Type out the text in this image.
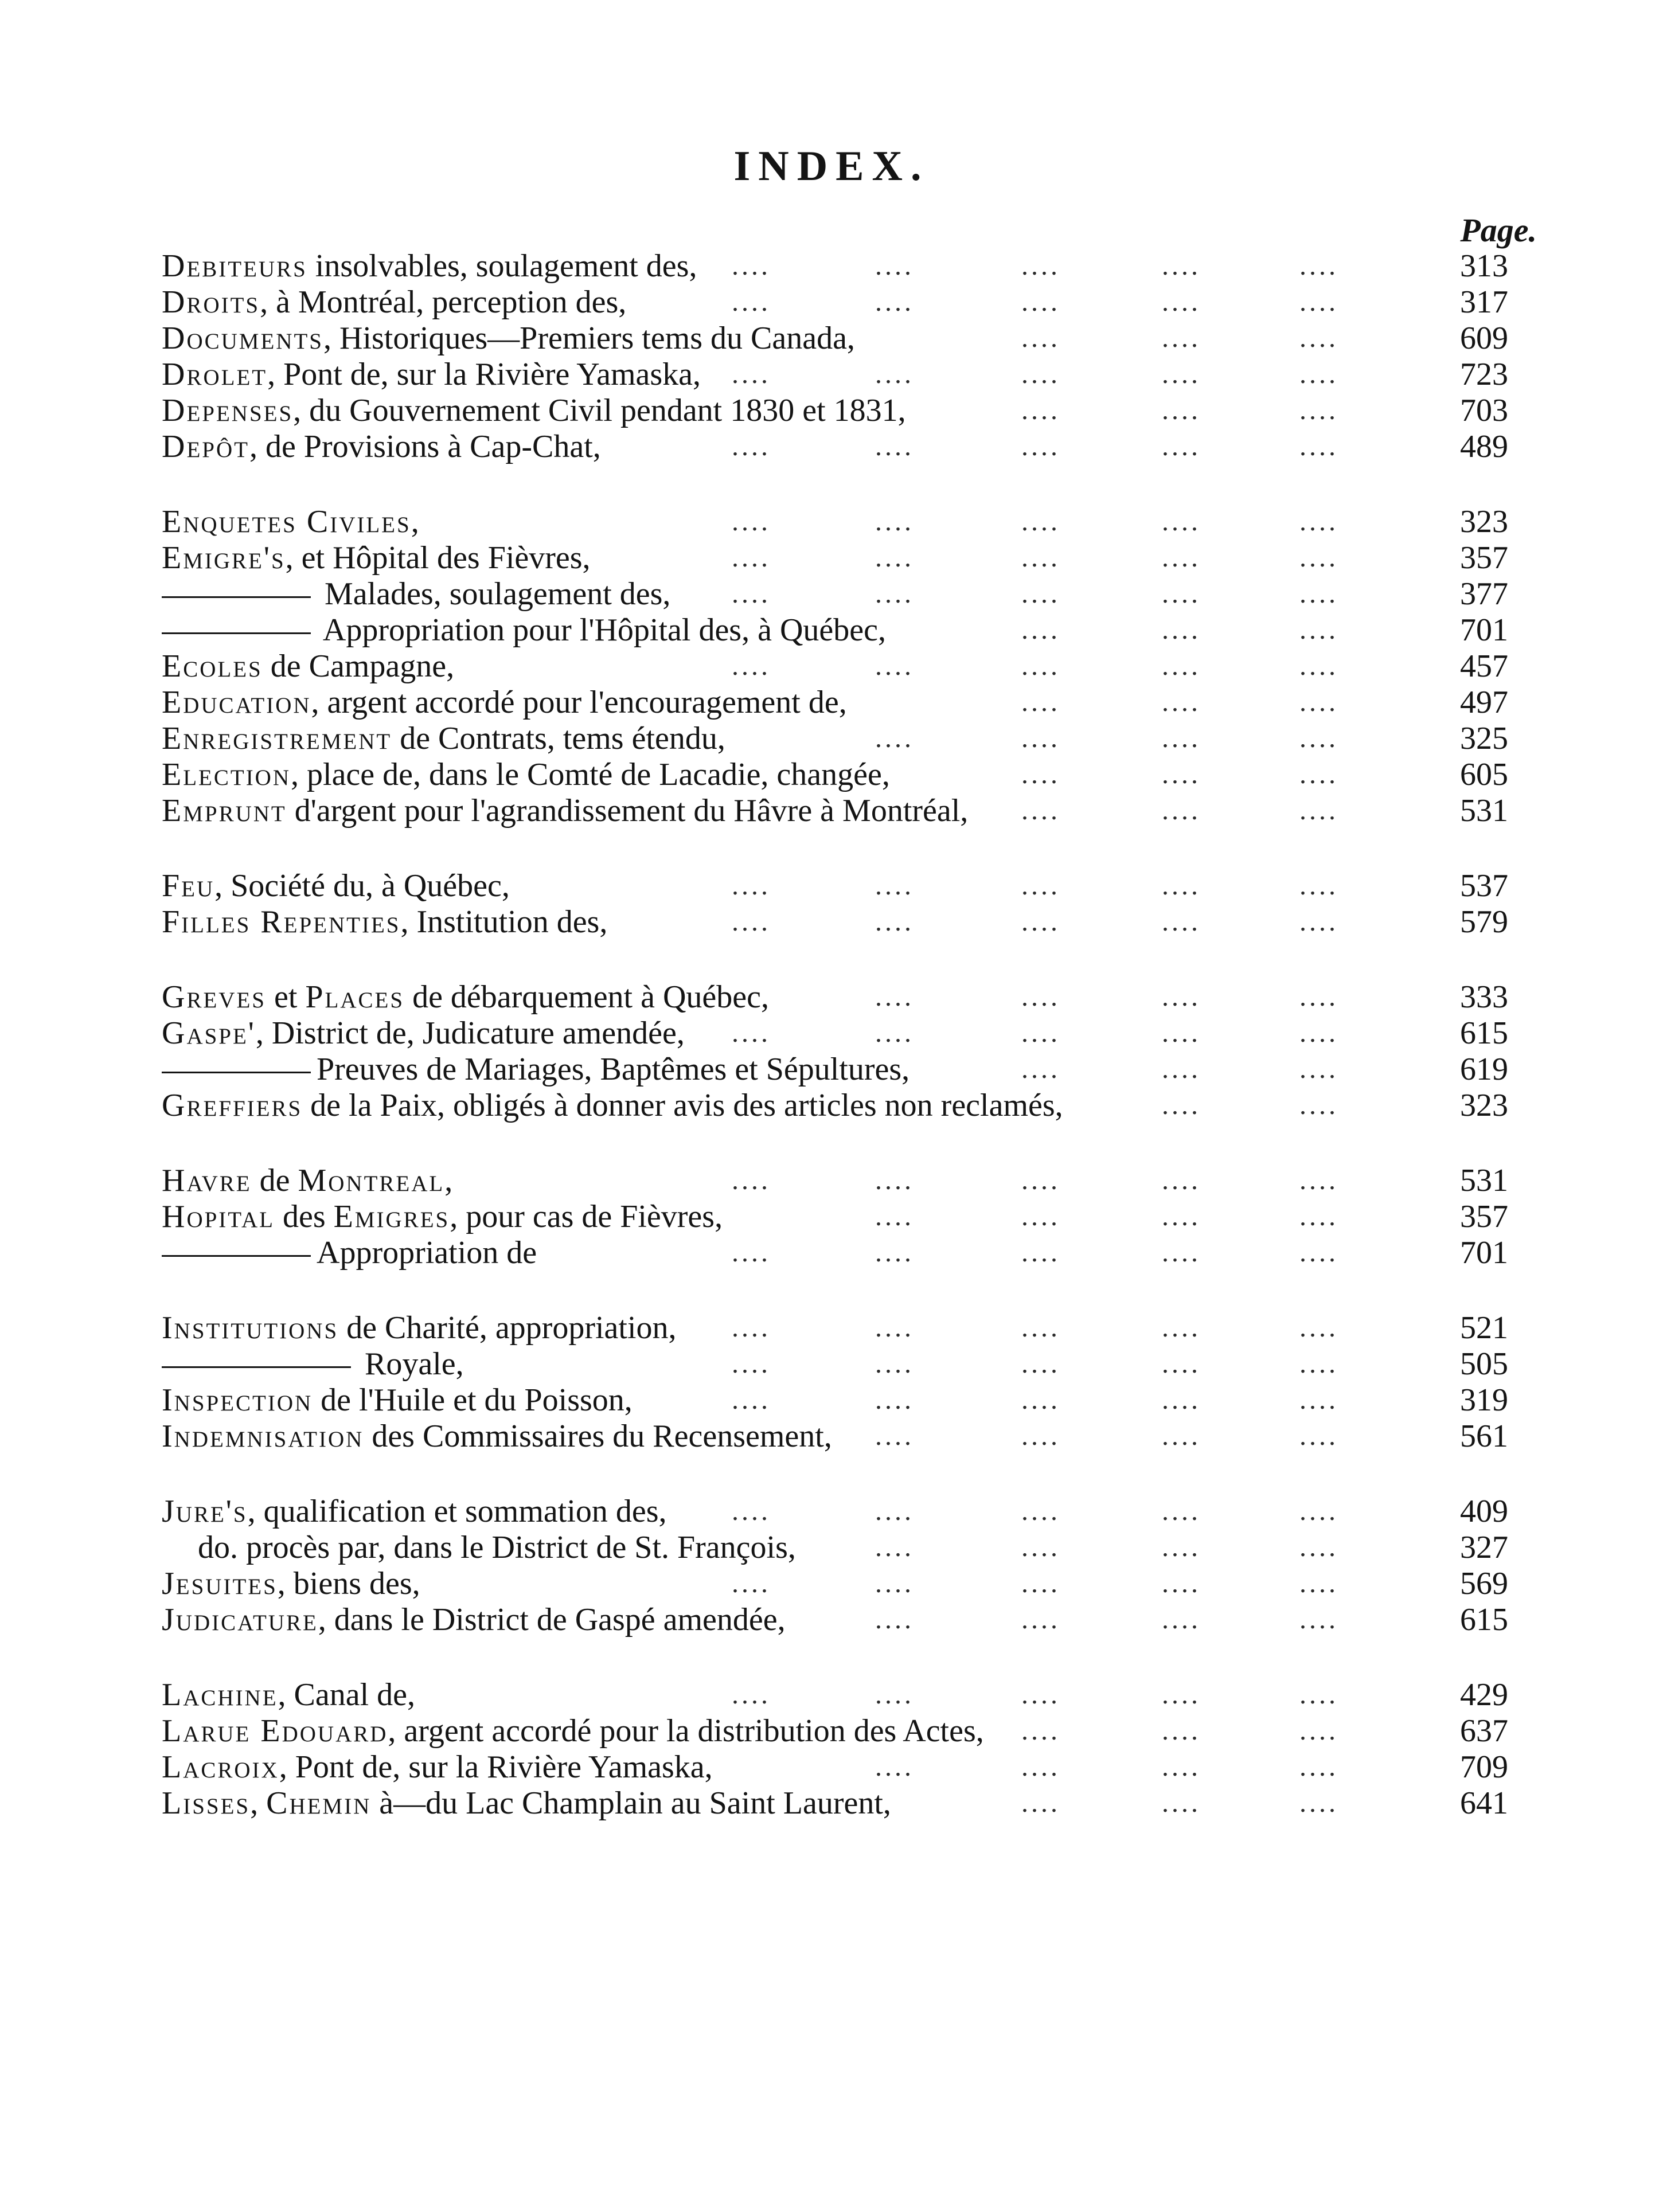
INDEX.
Page.
Debiteurs insolvables, soulagement des,	313
....	....	....	....	....
Droits, à Montréal, perception des,	317
....	....	....	....	....
Documents, Historiques—Premiers tems du Canada,	609
....	....	....
Drolet, Pont de, sur la Rivière Yamaska,	723
....	....	....	....	....
Depenses, du Gouvernement Civil pendant 1830 et 1831,	703
....	....	....
Depôt, de Provisions à Cap-Chat,	489
....	....	....	....	....
Enquetes Civiles,	323
....	....	....	....	....
Emigre's, et Hôpital des Fièvres,	357
....	....	....	....	....
Malades, soulagement des,	377
....	....	....	....	....
Appropriation pour l'Hôpital des, à Québec,	701
....	....	....
Ecoles de Campagne,	457
....	....	....	....	....
Education, argent accordé pour l'encouragement de,	497
....	....	....
Enregistrement de Contrats, tems étendu,	325
....	....	....	....
Election, place de, dans le Comté de Lacadie, changée,	605
....	....	....
Emprunt d'argent pour l'agrandissement du Hâvre à Montréal,	531
....	....	....
Feu, Société du, à Québec,	537
....	....	....	....	....
Filles Repenties, Institution des,	579
....	....	....	....	....
Greves et Places de débarquement à Québec,	333
....	....	....	....
Gaspe', District de, Judicature amendée,	615
....	....	....	....	....
Preuves de Mariages, Baptêmes et Sépultures,	619
....	....	....
Greffiers de la Paix, obligés à donner avis des articles non reclamés,	323
....	....
Havre de Montreal,	531
....	....	....	....	....
Hopital des Emigres, pour cas de Fièvres,	357
....	....	....	....
Appropriation de	701
....	....	....	....	....
Institutions de Charité, appropriation,	521
....	....	....	....	....
Royale,	505
....	....	....	....	....
Inspection de l'Huile et du Poisson,	319
....	....	....	....	....
Indemnisation des Commissaires du Recensement,	561
....	....	....	....
Jure's, qualification et sommation des,	409
....	....	....	....	....
do. procès par, dans le District de St. François,	327
....	....	....	....
Jesuites, biens des,	569
....	....	....	....	....
Judicature, dans le District de Gaspé amendée,	615
....	....	....	....
Lachine, Canal de,	429
....	....	....	....	....
Larue Edouard, argent accordé pour la distribution des Actes,	637
....	....	....
Lacroix, Pont de, sur la Rivière Yamaska,	709
....	....	....	....
Lisses, Chemin à—du Lac Champlain au Saint Laurent,	641
....	....	....
